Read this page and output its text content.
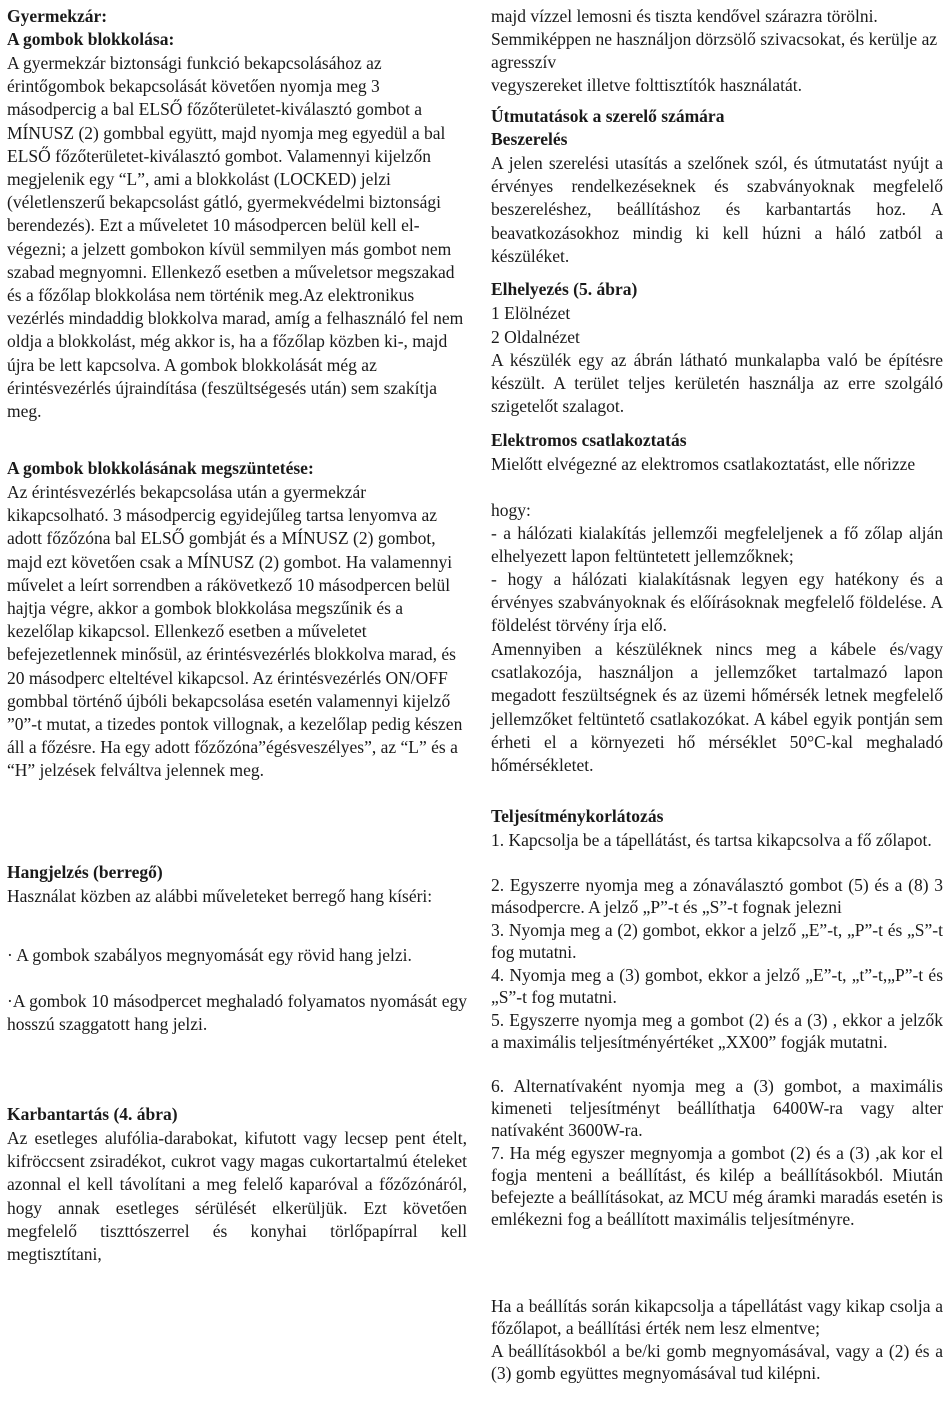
Gyermekzár:
A gombok blokkolása:

A gyermekzár biztonsági funkció bekapcsolásához az érintőgombok bekapcsolását követően nyomja meg 3 másodpercig a bal ELSŐ főzőterületet-kiválasztó gombot a MÍNUSZ (2) gombbal együtt, majd nyomja meg egyedül a bal ELSŐ főzőterületet-kiválasztó gombot. Valamennyi kijelzőn megjelenik egy “L”, ami a blokkolást (LOCKED) jelzi (véletlenszerű bekapcsolást gátló, gyermekvédelmi biztonsági berendezés). Ezt a műveletet 10 másodpercen belül kell el-végezni; a jelzett gombokon kívül semmilyen más gombot nem szabad megnyomni. Ellenkező esetben a műveletsor megszakad és a főzőlap blokkolása nem történik meg.Az elektronikus vezérlés mindaddig blokkolva marad, amíg a felhasználó fel nem oldja a blokkolást, még akkor is, ha a főzőlap közben ki-, majd újra be lett kapcsolva. A gombok blokkolását még az érintésvezérlés újraindítása (feszültségesés után) sem szakítja meg.

A gombok blokkolásának megszüntetése:

Az érintésvezérlés bekapcsolása után a gyermekzár kikapcsolható. 3 másodpercig egyidejűleg tartsa lenyomva az adott főzőzóna bal ELSŐ gombját és a MÍNUSZ (2) gombot, majd ezt követően csak a MÍNUSZ (2) gombot. Ha valamennyi művelet a leírt sorrendben a rákövetkező 10 másodpercen belül hajtja végre, akkor a gombok blokkolása megszűnik és a kezelőlap kikapcsol. Ellenkező esetben a műveletet befejezetlennek minősül, az érintésvezérlés blokkolva marad, és 20 másodperc elteltével kikapcsol. Az érintésvezérlés ON/OFF gombbal történő újbóli bekapcsolása esetén valamennyi kijelző ”0”-t mutat, a tizedes pontok villognak, a kezelőlap pedig készen áll a főzésre. Ha egy adott főzőzóna”égésveszélyes”, az “L” és a “H” jelzések felváltva jelennek meg.

Hangjelzés (berregő)

Használat közben az alábbi műveleteket berregő hang kíséri:

· A gombok szabályos megnyomását egy rövid hang jelzi.

·A gombok 10 másodpercet meghaladó folyamatos nyomását egy hosszú szaggatott hang jelzi.

Karbantartás (4. ábra)

Az esetleges alufólia-darabokat, kifutott vagy lecsep pent ételt, kifröccsent zsiradékot, cukrot vagy magas cukortartalmú ételeket azonnal el kell távolítani a meg felelő kaparóval a főzőzónáról, hogy annak esetleges sérülését elkerüljük. Ezt követően megfelelő tiszttószerrel és konyhai törlőpapírral kell megtisztítani,

majd vízzel lemosni és tiszta kendővel szárazra törölni. Semmiképpen ne használjon dörzsölő szivacsokat, és kerülje az agresszív

vegyszereket illetve folttisztítók használatát.

Útmutatások a szerelő számára
Beszerelés

A jelen szerelési utasítás a szelőnek szól, és útmutatást nyújt a érvényes rendelkezéseknek és szabványoknak megfelelő beszereléshez, beállításhoz és karbantartás hoz. A beavatkozásokhoz mindig ki kell húzni a háló zatból a készüléket.

Elhelyezés (5. ábra)

1 Elölnézet

2 Oldalnézet

A készülék egy az ábrán látható munkalapba való be építésre készült. A terület teljes kerületén használja az erre szolgáló szigetelőt szalagot.

Elektromos csatlakoztatás

Mielőtt elvégezné az elektromos csatlakoztatást, elle nőrizze

hogy:

- a hálózati kialakítás jellemzői megfeleljenek a fő zőlap alján elhelyezett lapon feltüntetett jellemzőknek;

- hogy a hálózati kialakításnak legyen egy hatékony és a érvényes szabványoknak és előírásoknak megfelelő földelése. A földelést törvény írja elő.

Amennyiben a készüléknek nincs meg a kábele és/vagy csatlakozója, használjon a jellemzőket tartalmazó lapon megadott feszültségnek és az üzemi hőmérsék letnek megfelelő jellemzőket feltüntető csatlakozókat. A kábel egyik pontján sem érheti el a környezeti hő mérséklet 50°C-kal meghaladó hőmérsékletet.

Teljesítménykorlátozás

1. Kapcsolja be a tápellátást, és tartsa kikapcsolva a fő zőlapot.

2. Egyszerre nyomja meg a zónaválasztó gombot (5) és a (8) 3 másodpercre. A jelző „P”-t és „S”-t fognak jelezni

3. Nyomja meg a (2) gombot, ekkor a jelző „E”-t, „P”-t és „S”-t fog mutatni.

4. Nyomja meg a (3) gombot, ekkor a jelző „E”-t, „t”-t,„P”-t és „S”-t fog mutatni.

5. Egyszerre nyomja meg a gombot (2) és a (3) , ekkor a jelzők a maximális teljesítményértéket „XX00” fogják mutatni.

6. Alternatívaként nyomja meg a (3) gombot, a maximális kimeneti teljesítményt beállíthatja 6400W-ra vagy alter natívaként 3600W-ra.

7. Ha még egyszer megnyomja a gombot (2) és a (3) ,ak kor el fogja menteni a beállítást, és kilép a beállításokból. Miután befejezte a beállításokat, az MCU még áramki maradás esetén is emlékezni fog a beállított maximális teljesítményre.

Ha a beállítás során kikapcsolja a tápellátást vagy kikap csolja a főzőlapot, a beállítási érték nem lesz elmentve;

A beállításokból a be/ki gomb megnyomásával, vagy a (2) és a (3) gomb együttes megnyomásával tud kilépni.
